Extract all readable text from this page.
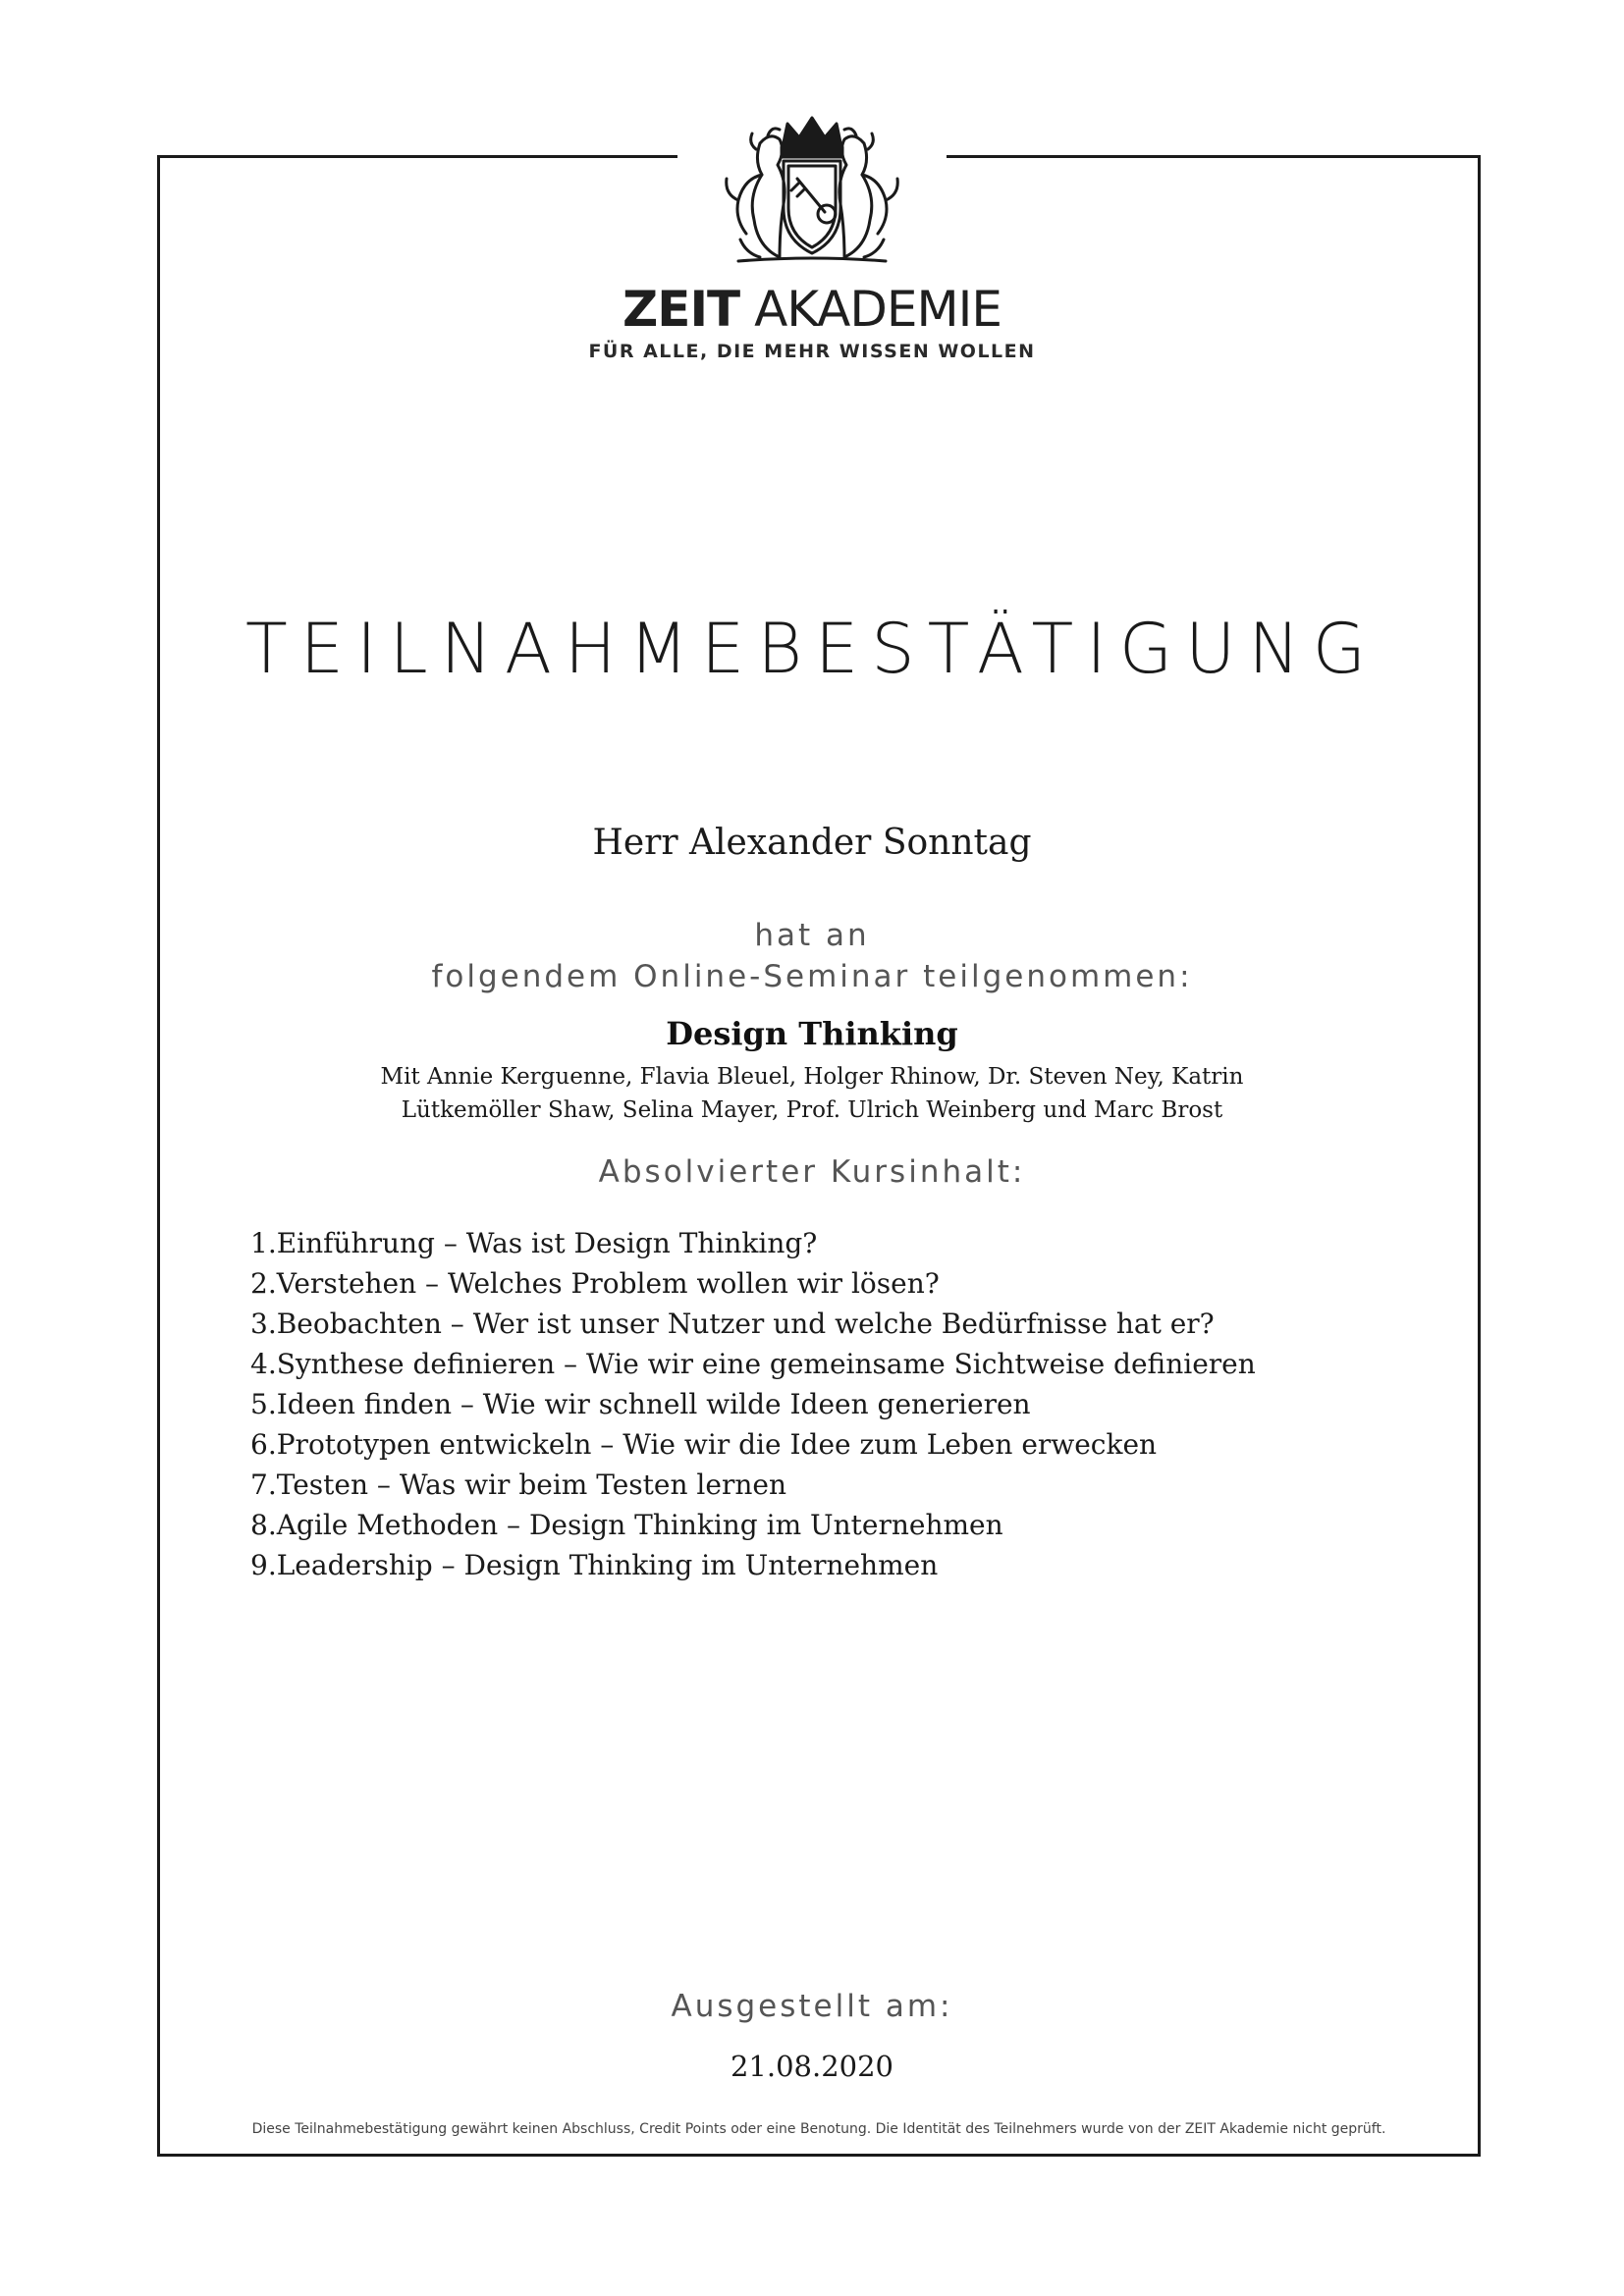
ZEIT AKADEMIE
FÜR ALLE, DIE MEHR WISSEN WOLLEN
TEILNAHMEBESTÄTIGUNG
Herr Alexander Sonntag
hat an
folgendem Online-Seminar teilgenommen:
Design Thinking
Mit Annie Kerguenne, Flavia Bleuel, Holger Rhinow, Dr. Steven Ney, Katrin
Lütkemöller Shaw, Selina Mayer, Prof. Ulrich Weinberg und Marc Brost
Absolvierter Kursinhalt:
1.Einführung – Was ist Design Thinking?
2.Verstehen – Welches Problem wollen wir lösen?
3.Beobachten – Wer ist unser Nutzer und welche Bedürfnisse hat er?
4.Synthese definieren – Wie wir eine gemeinsame Sichtweise definieren
5.Ideen finden – Wie wir schnell wilde Ideen generieren
6.Prototypen entwickeln – Wie wir die Idee zum Leben erwecken
7.Testen – Was wir beim Testen lernen
8.Agile Methoden – Design Thinking im Unternehmen
9.Leadership – Design Thinking im Unternehmen
Ausgestellt am:
21.08.2020
Diese Teilnahmebestätigung gewährt keinen Abschluss, Credit Points oder eine Benotung. Die Identität des Teilnehmers wurde von der ZEIT Akademie nicht geprüft.
